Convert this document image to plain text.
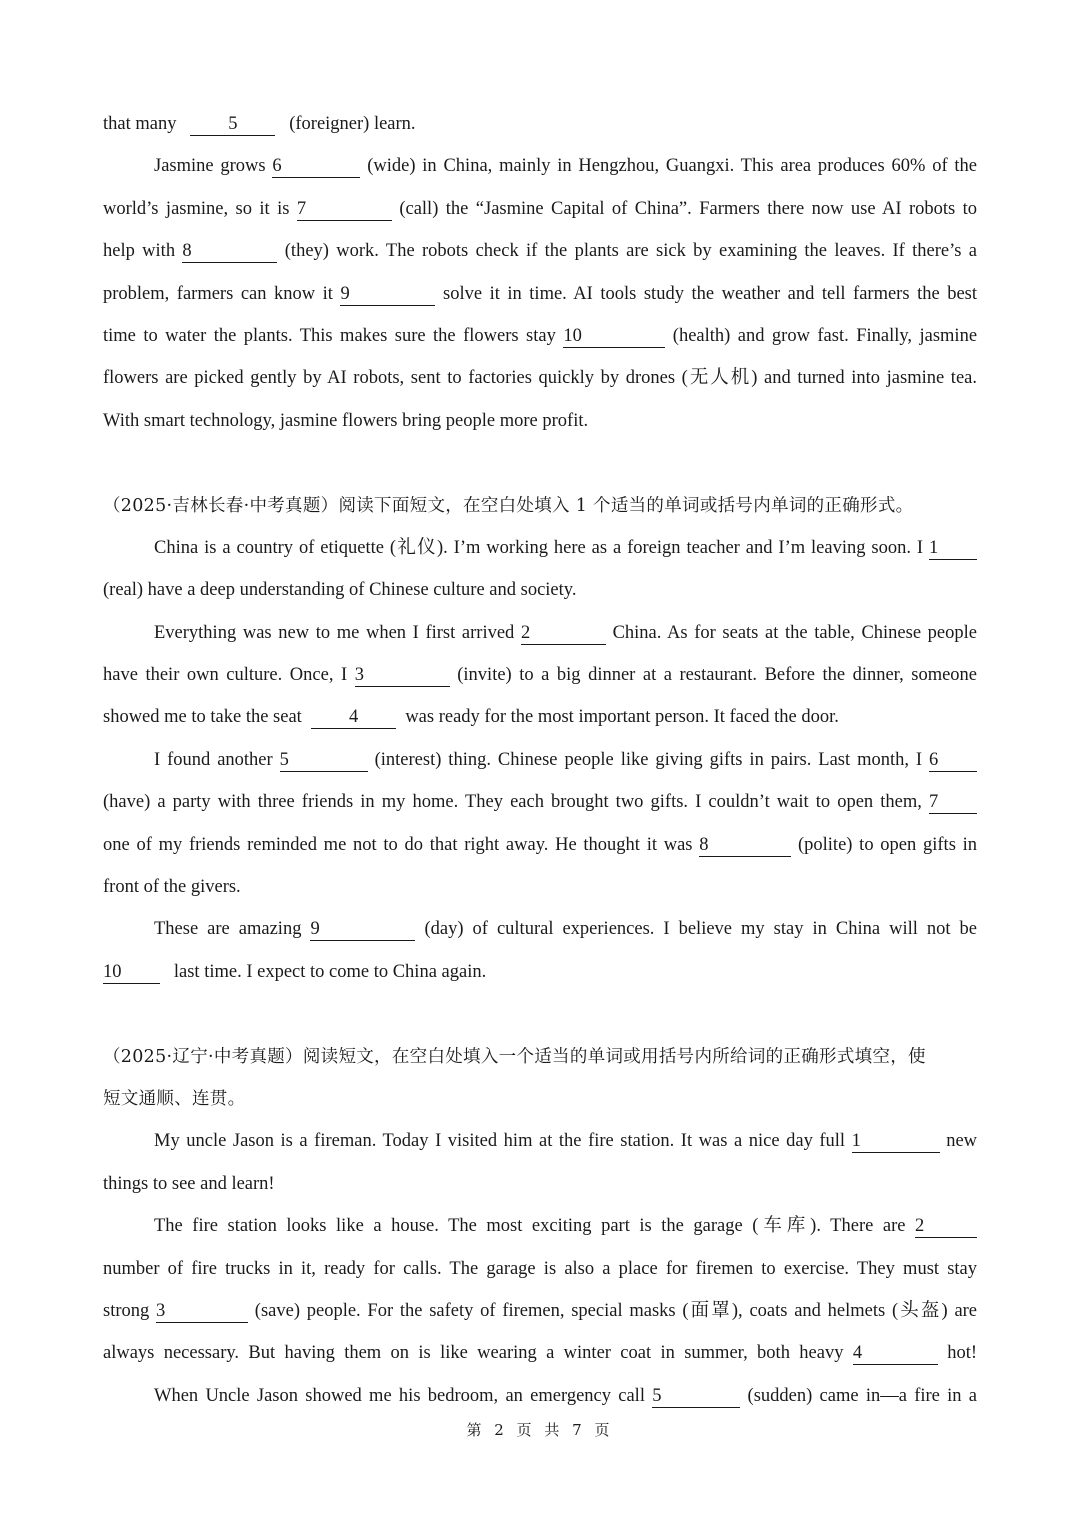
that many	5	(foreigner) learn.
Jasmine grows 6	(wide) in China, mainly in Hengzhou, Guangxi. This area produces 60% of the
world’s jasmine, so it is 7	(call) the “Jasmine Capital of China”. Farmers there now use AI robots to
help with 8	(they) work. The robots check if the plants are sick by examining the leaves. If there’s a
problem, farmers can know it 9	solve it in time. AI tools study the weather and tell farmers the best
time to water the plants. This makes sure the flowers stay 10	(health) and grow fast. Finally, jasmine
flowers are picked gently by AI robots, sent to factories quickly by drones (无人机) and turned into jasmine tea.
With smart technology, jasmine flowers bring people more profit.
（2025·吉林长春·中考真题）阅读下面短文，在空白处填入 1 个适当的单词或括号内单词的正确形式。
China is a country of etiquette (礼仪). I’m working here as a foreign teacher and I’m leaving soon. I 1
(real) have a deep understanding of Chinese culture and society.
Everything was new to me when I first arrived 2	China. As for seats at the table, Chinese people
have their own culture. Once, I 3	(invite) to a big dinner at a restaurant. Before the dinner, someone
showed me to take the seat	4	was ready for the most important person. It faced the door.
I found another 5	(interest) thing. Chinese people like giving gifts in pairs. Last month, I 6
(have) a party with three friends in my home. They each brought two gifts. I couldn’t wait to open them, 7
one of my friends reminded me not to do that right away. He thought it was 8	(polite) to open gifts in
front of the givers.
These are amazing 9	(day) of cultural experiences. I believe my stay in China will not be
10	last time. I expect to come to China again.
（2025·辽宁·中考真题）阅读短文，在空白处填入一个适当的单词或用括号内所给词的正确形式填空，使
短文通顺、连贯。
My uncle Jason is a fireman. Today I visited him at the fire station. It was a nice day full 1	new
things to see and learn!
The fire station looks like a house. The most exciting part is the garage (车库). There are 2
number of fire trucks in it, ready for calls. The garage is also a place for firemen to exercise. They must stay
strong 3	(save) people. For the safety of firemen, special masks (面罩), coats and helmets (头盔) are
always necessary. But having them on is like wearing a winter coat in summer, both heavy 4	hot!
When Uncle Jason showed me his bedroom, an emergency call 5	(sudden) came in—a fire in a
第 2 页 共 7 页
